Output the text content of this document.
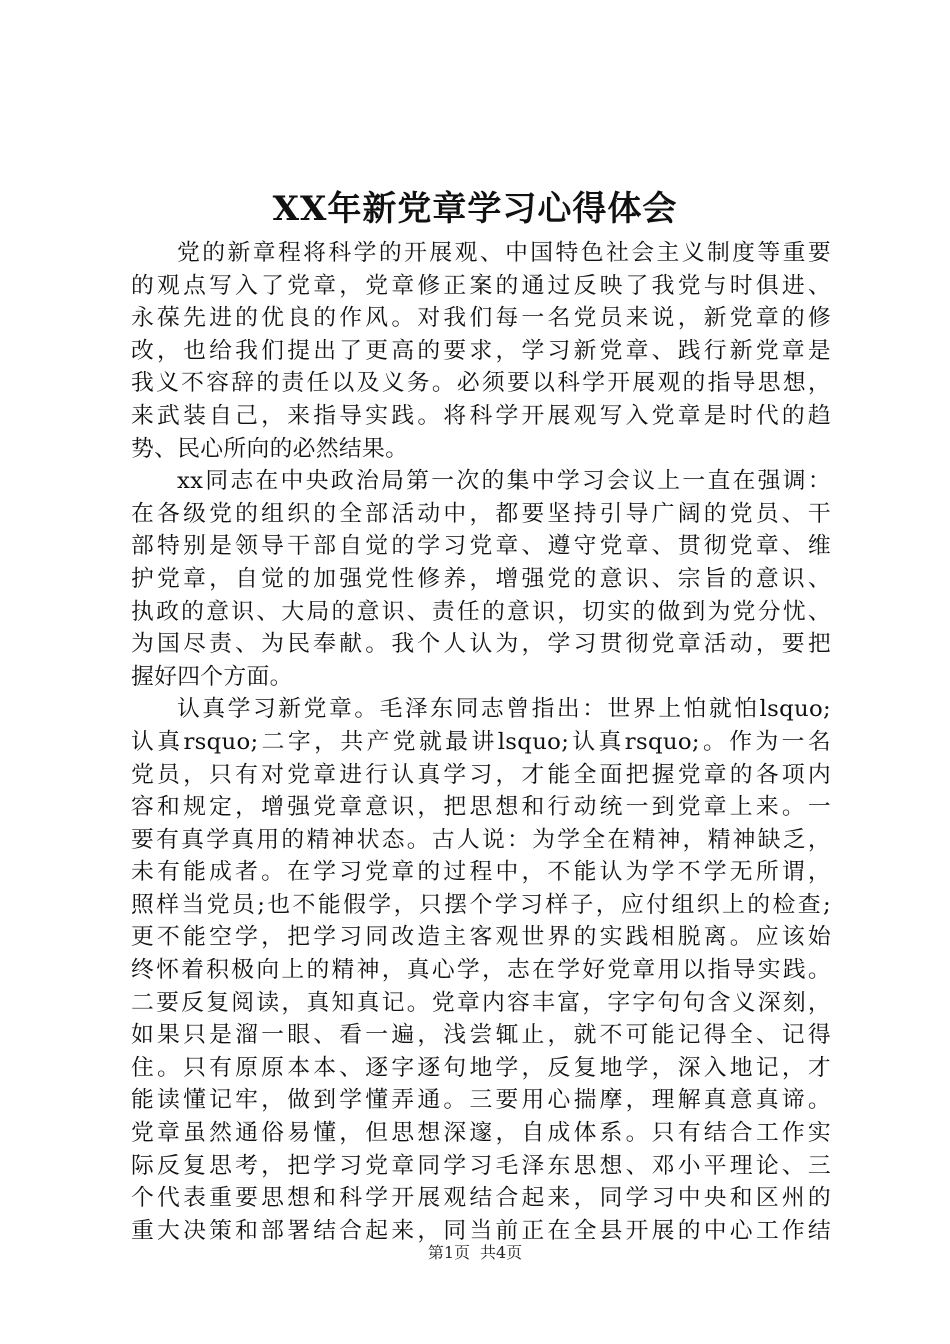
XX年新党章学习心得体会
党的新章程将科学的开展观、中国特色社会主义制度等重要
的观点写入了党章，党章修正案的通过反映了我党与时俱进、
永葆先进的优良的作风。对我们每一名党员来说，新党章的修
改，也给我们提出了更高的要求，学习新党章、践行新党章是
我义不容辞的责任以及义务。必须要以科学开展观的指导思想，
来武装自己，来指导实践。将科学开展观写入党章是时代的趋
势、民心所向的必然结果。
xx同志在中央政治局第一次的集中学习会议上一直在强调：
在各级党的组织的全部活动中，都要坚持引导广阔的党员、干
部特别是领导干部自觉的学习党章、遵守党章、贯彻党章、维
护党章，自觉的加强党性修养，增强党的意识、宗旨的意识、
执政的意识、大局的意识、责任的意识，切实的做到为党分忧、
为国尽责、为民奉献。我个人认为，学习贯彻党章活动，要把
握好四个方面。
认真学习新党章。毛泽东同志曾指出：世界上怕就怕lsquo;
认真rsquo;二字，共产党就最讲lsquo;认真rsquo;。作为一名
党员，只有对党章进行认真学习，才能全面把握党章的各项内
容和规定，增强党章意识，把思想和行动统一到党章上来。一
要有真学真用的精神状态。古人说：为学全在精神，精神缺乏，
未有能成者。在学习党章的过程中，不能认为学不学无所谓，
照样当党员;也不能假学，只摆个学习样子，应付组织上的检查;
更不能空学，把学习同改造主客观世界的实践相脱离。应该始
终怀着积极向上的精神，真心学，志在学好党章用以指导实践。
二要反复阅读，真知真记。党章内容丰富，字字句句含义深刻，
如果只是溜一眼、看一遍，浅尝辄止，就不可能记得全、记得
住。只有原原本本、逐字逐句地学，反复地学，深入地记，才
能读懂记牢，做到学懂弄通。三要用心揣摩，理解真意真谛。
党章虽然通俗易懂，但思想深邃，自成体系。只有结合工作实
际反复思考，把学习党章同学习毛泽东思想、邓小平理论、三
个代表重要思想和科学开展观结合起来，同学习中央和区州的
重大决策和部署结合起来，同当前正在全县开展的中心工作结
第1页 共4页
